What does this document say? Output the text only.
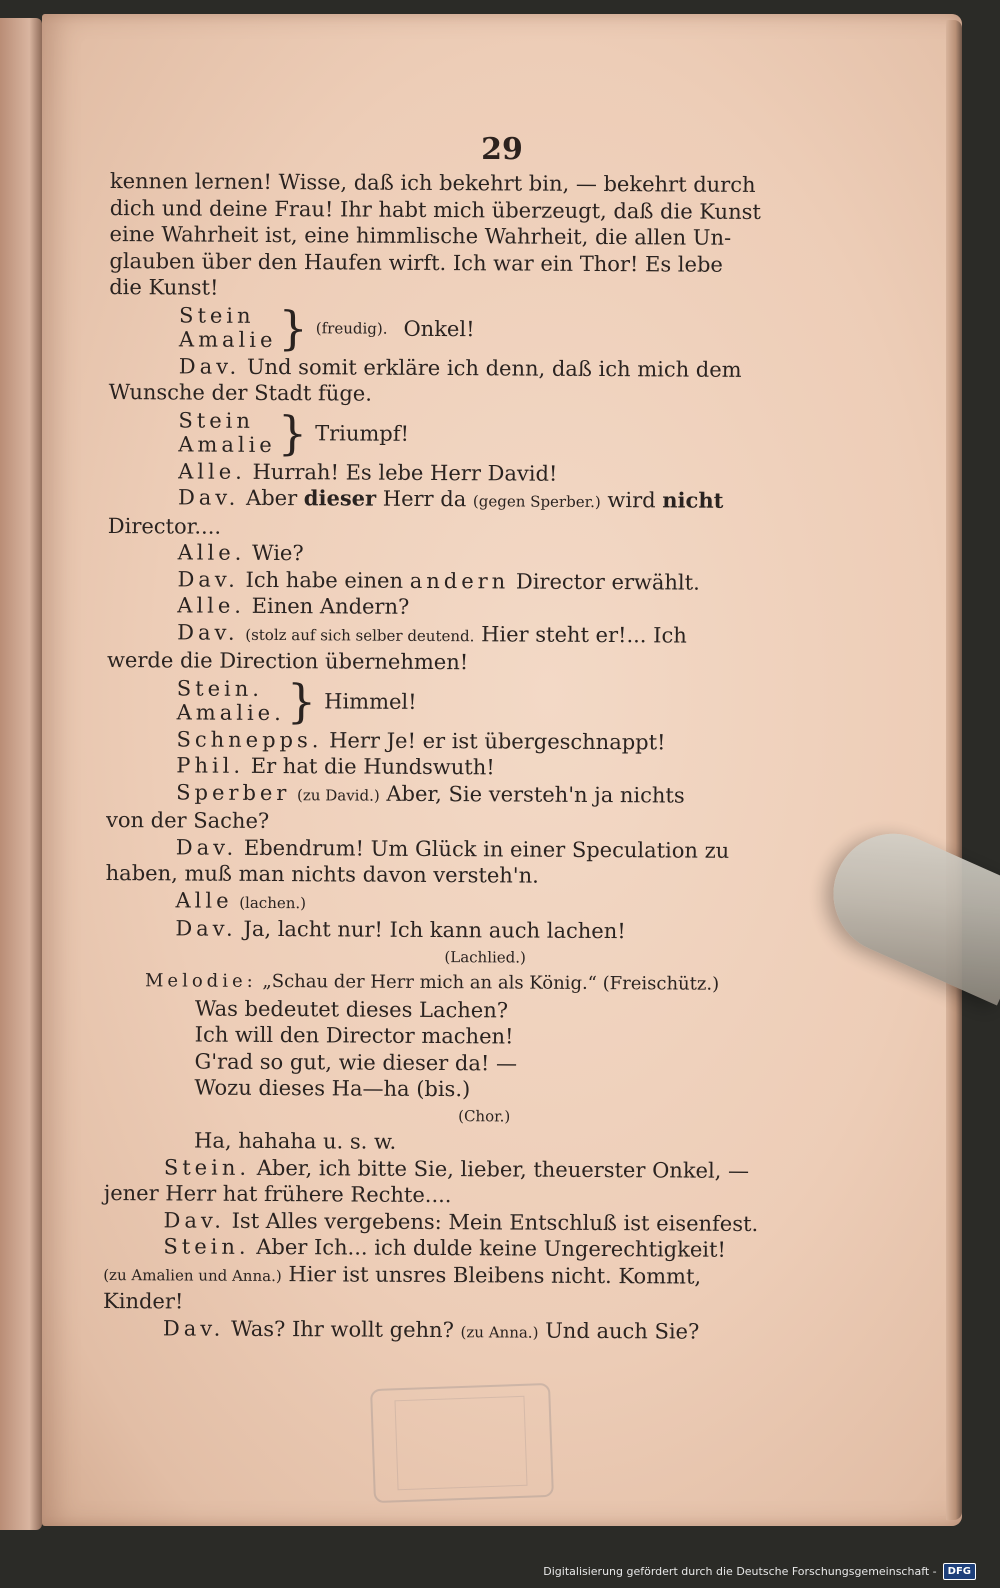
29

kennen lernen! Wisse, daß ich bekehrt bin, — bekehrt durch

dich und deine Frau! Ihr habt mich überzeugt, daß die Kunst

eine Wahrheit ist, eine himmlische Wahrheit, die allen Un-

glauben über den Haufen wirft. Ich war ein Thor! Es lebe

die Kunst!

Stein
Amalie } (freudig). Onkel!

Dav. Und somit erkläre ich denn, daß ich mich dem

Wunsche der Stadt füge.

Stein
Amalie } Triumpf!

Alle. Hurrah! Es lebe Herr David!

Dav. Aber dieser Herr da (gegen Sperber.) wird nicht

Director....

Alle. Wie?

Dav. Ich habe einen andern Director erwählt.

Alle. Einen Andern?

Dav. (stolz auf sich selber deutend. Hier steht er!... Ich

werde die Direction übernehmen!

Stein.
Amalie. } Himmel!

Schnepps. Herr Je! er ist übergeschnappt!

Phil. Er hat die Hundswuth!

Sperber (zu David.) Aber, Sie versteh'n ja nichts

von der Sache?

Dav. Ebendrum! Um Glück in einer Speculation zu

haben, muß man nichts davon versteh'n.

Alle (lachen.)

Dav. Ja, lacht nur! Ich kann auch lachen!

(Lachlied.)

Melodie: „Schau der Herr mich an als König.“ (Freischütz.)

Was bedeutet dieses Lachen?

Ich will den Director machen!

G'rad so gut, wie dieser da! —

Wozu dieses Ha—ha (bis.)

(Chor.)

Ha, hahaha u. s. w.

Stein. Aber, ich bitte Sie, lieber, theuerster Onkel, —

jener Herr hat frühere Rechte....

Dav. Ist Alles vergebens: Mein Entschluß ist eisenfest.

Stein. Aber Ich... ich dulde keine Ungerechtigkeit!

(zu Amalien und Anna.) Hier ist unsres Bleibens nicht. Kommt,

Kinder!

Dav. Was? Ihr wollt gehn? (zu Anna.) Und auch Sie?

Digitalisierung gefördert durch die Deutsche Forschungsgemeinschaft -	DFG
